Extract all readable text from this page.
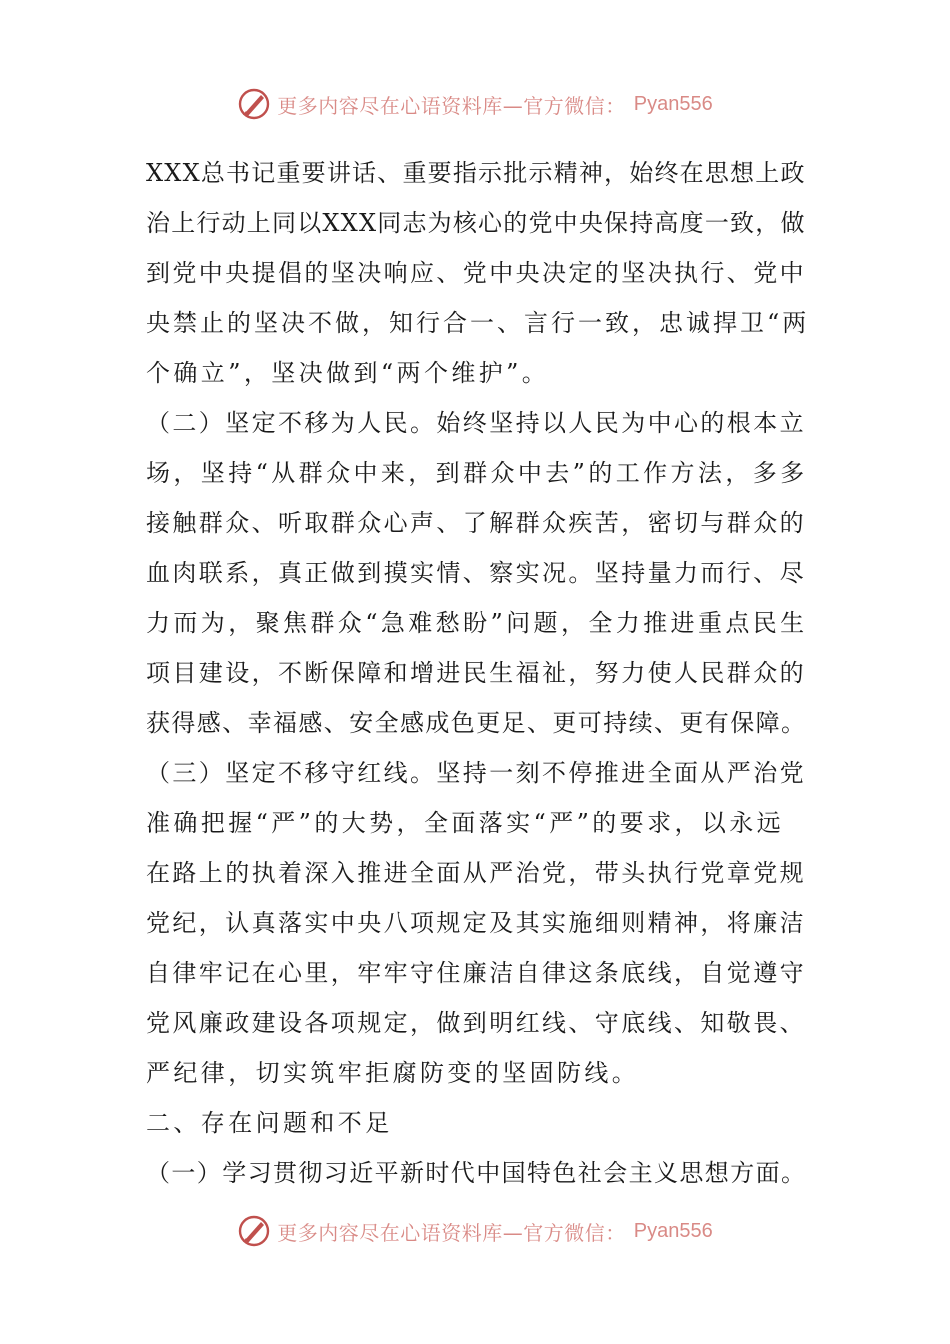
更多内容尽在心语资料库—官方微信： Pyan556
XXX总书记重要讲话、重要指示批示精神，始终在思想上政
治上行动上同以XXX同志为核心的党中央保持高度一致，做
到党中央提倡的坚决响应、党中央决定的坚决执行、党中
央禁止的坚决不做，知行合一、言行一致，忠诚捍卫“两
个确立”，坚决做到“两个维护”。
（二）坚定不移为人民。始终坚持以人民为中心的根本立
场，坚持“从群众中来，到群众中去”的工作方法，多多
接触群众、听取群众心声、了解群众疾苦，密切与群众的
血肉联系，真正做到摸实情、察实况。坚持量力而行、尽
力而为，聚焦群众“急难愁盼”问题，全力推进重点民生
项目建设，不断保障和增进民生福祉，努力使人民群众的
获得感、幸福感、安全感成色更足、更可持续、更有保障。
（三）坚定不移守红线。坚持一刻不停推进全面从严治党
准确把握“严”的大势，全面落实“严”的要求，以永远
在路上的执着深入推进全面从严治党，带头执行党章党规
党纪，认真落实中央八项规定及其实施细则精神，将廉洁
自律牢记在心里，牢牢守住廉洁自律这条底线，自觉遵守
党风廉政建设各项规定，做到明红线、守底线、知敬畏、
严纪律，切实筑牢拒腐防变的坚固防线。
二、存在问题和不足
（一）学习贯彻习近平新时代中国特色社会主义思想方面。
更多内容尽在心语资料库—官方微信： Pyan556
